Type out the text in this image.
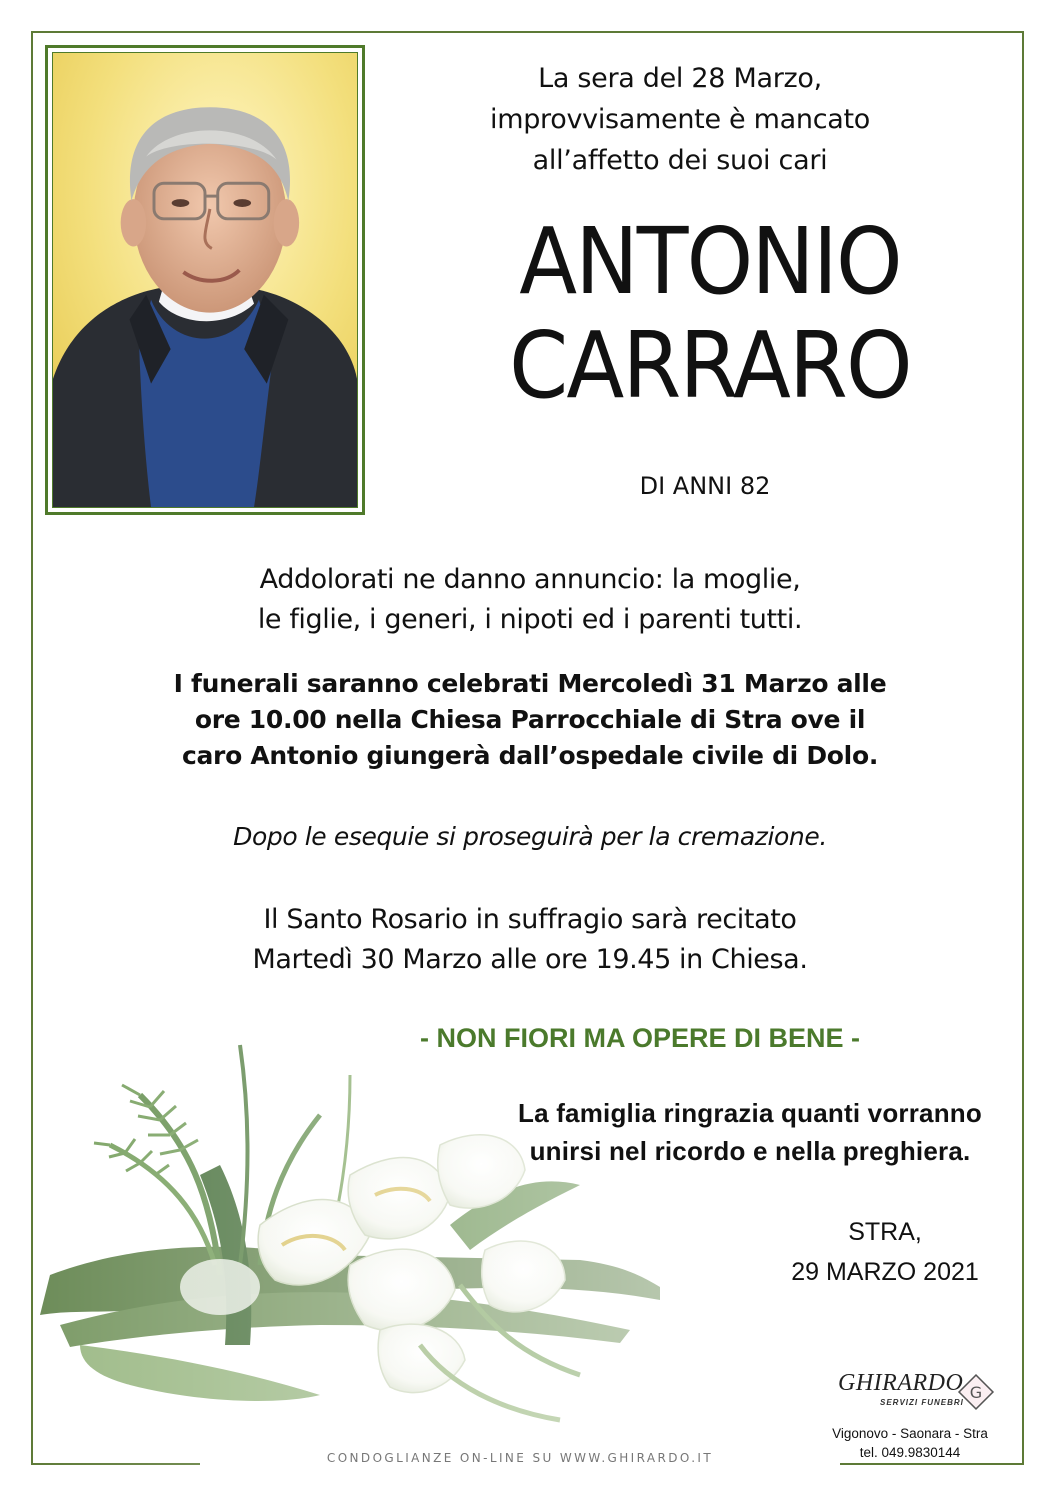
La sera del 28 Marzo,
improvvisamente è mancato
all’affetto dei suoi cari
ANTONIO
CARRARO
DI ANNI 82
Addolorati ne danno annuncio: la moglie,
le figlie, i generi, i nipoti ed i parenti tutti.
I funerali saranno celebrati Mercoledì 31 Marzo alle
ore 10.00 nella Chiesa Parrocchiale di Stra ove il
caro Antonio giungerà dall’ospedale civile di Dolo.
Dopo le esequie si proseguirà per la cremazione.
Il Santo Rosario in suffragio sarà recitato
Martedì 30 Marzo alle ore 19.45 in Chiesa.
- NON FIORI MA OPERE DI BENE -
La famiglia ringrazia quanti vorranno
unirsi nel ricordo e nella preghiera.
STRA,
29 MARZO 2021
GHIRARDO
SERVIZI FUNEBRI
G
Vigonovo - Saonara - Stra
tel. 049.9830144
CONDOGLIANZE ON-LINE SU WWW.GHIRARDO.IT
